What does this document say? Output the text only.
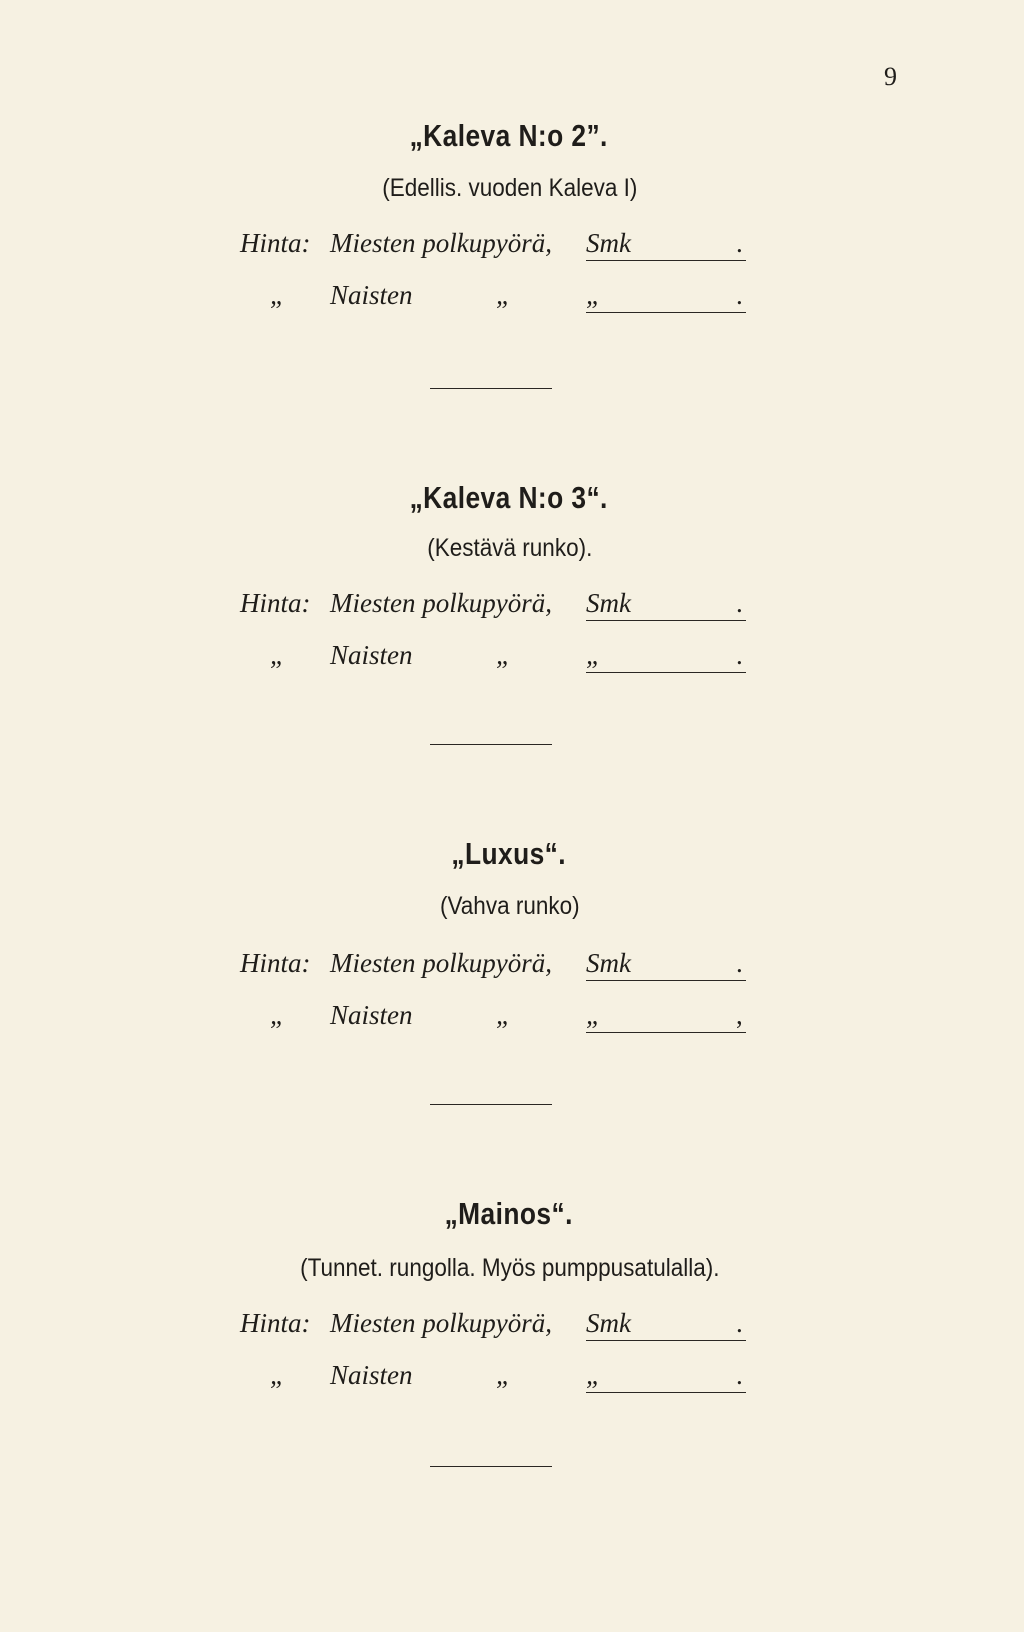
9
„Kaleva N:o 2”.
(Edellis. vuoden Kaleva I)
Hinta: Miesten polkupyörä, Smk	.
„ Naisten	„	„	.
„Kaleva N:o 3“.
(Kestävä runko).
Hinta: Miesten polkupyörä, Smk	.
„ Naisten	„	„	.
„Luxus“.
(Vahva runko)
Hinta: Miesten polkupyörä, Smk	.
„ Naisten	„	„	,
„Mainos“.
(Tunnet. rungolla. Myös pumppusatulalla).
Hinta: Miesten polkupyörä, Smk	.
„ Naisten	„	„	.
